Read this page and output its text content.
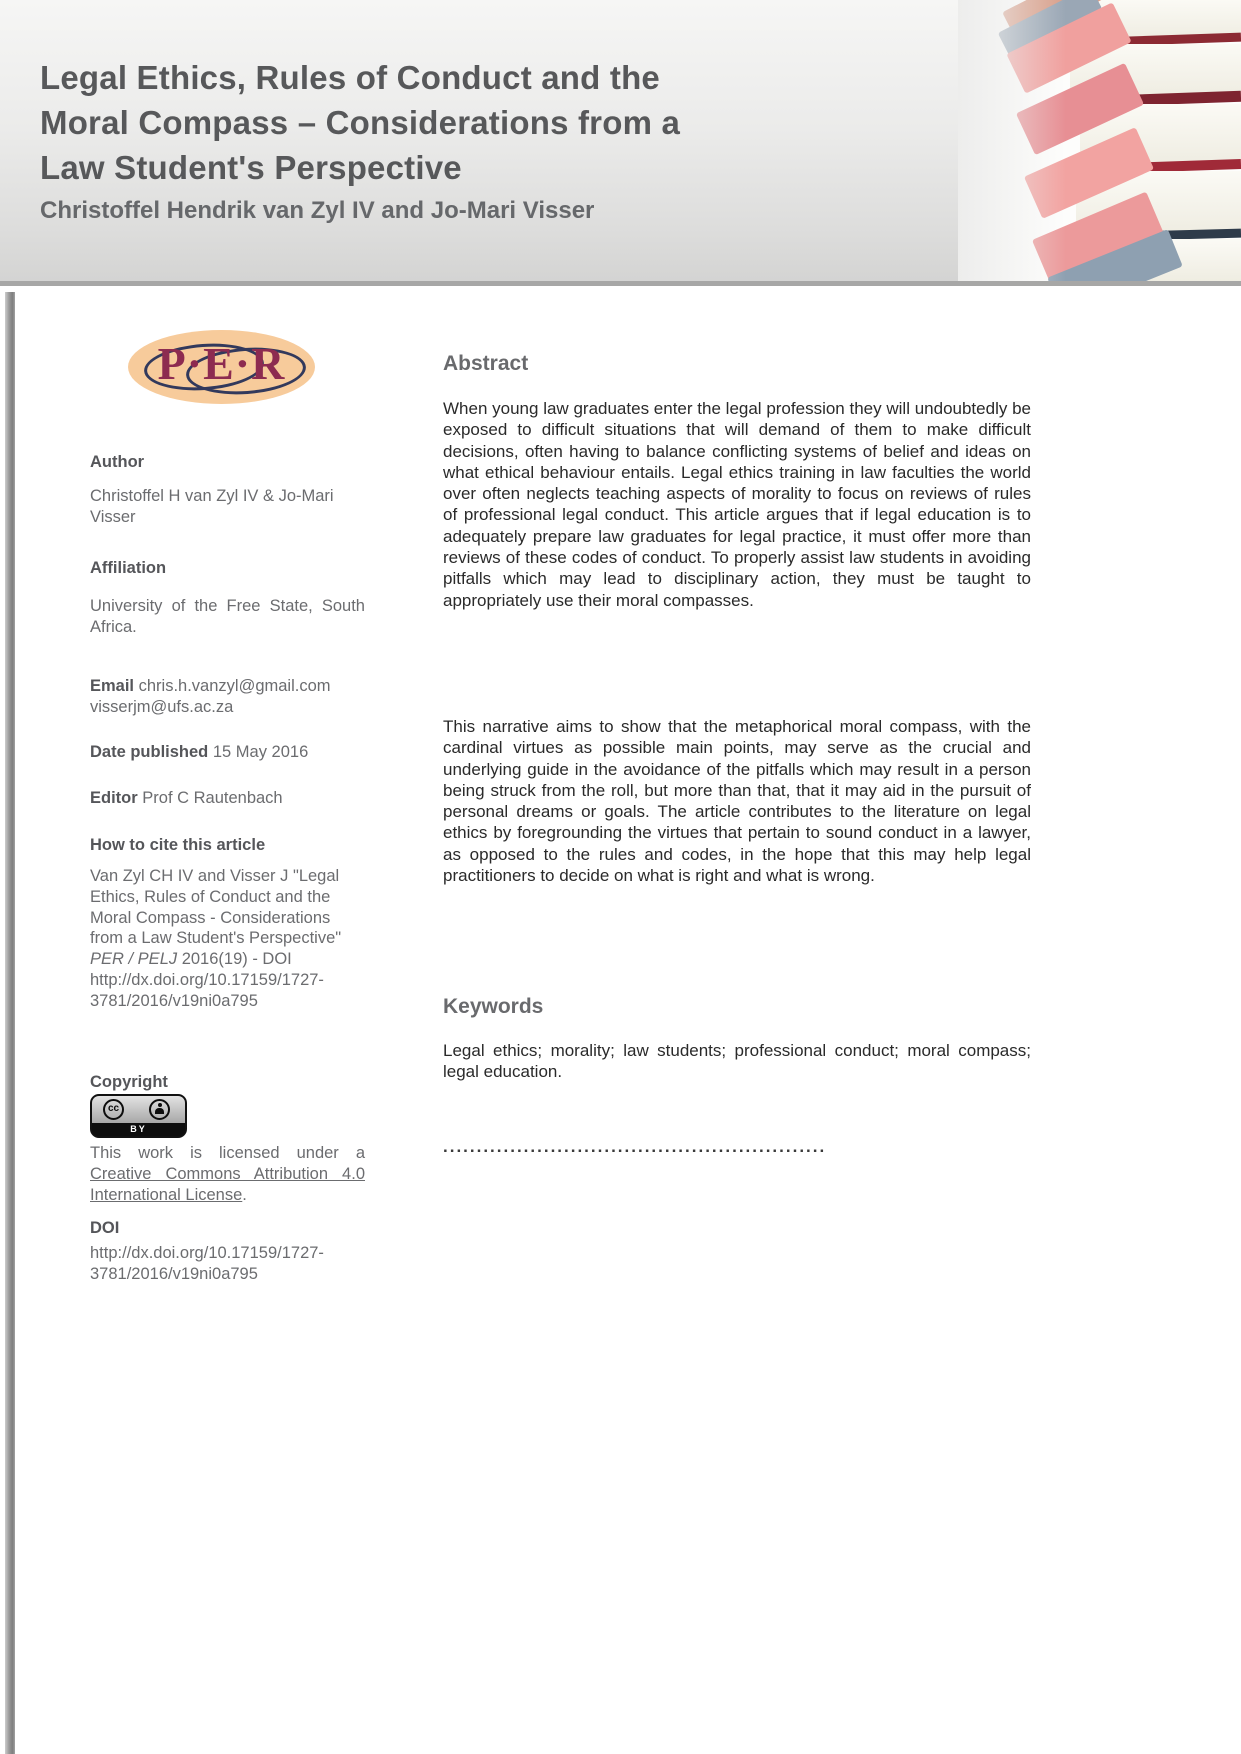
Legal Ethics, Rules of Conduct and the Moral Compass – Considerations from a Law Student's Perspective
Christoffel Hendrik van Zyl IV and Jo-Mari Visser
P·E·R
Author
Christoffel H van Zyl IV & Jo-Mari Visser
Affiliation
University of the Free State, South Africa.
Email chris.h.vanzyl@gmail.com visserjm@ufs.ac.za
Date published 15 May 2016
Editor Prof C Rautenbach
How to cite this article
Van Zyl CH IV and Visser J "Legal Ethics, Rules of Conduct and the Moral Compass - Considerations from a Law Student's Perspective" PER / PELJ 2016(19) - DOI http://dx.doi.org/10.17159/1727-3781/2016/v19ni0a795
Copyright
cc
BY
This work is licensed under a Creative Commons Attribution 4.0 International License.
DOI
http://dx.doi.org/10.17159/1727-3781/2016/v19ni0a795
Abstract
When young law graduates enter the legal profession they will undoubtedly be exposed to difficult situations that will demand of them to make difficult decisions, often having to balance conflicting systems of belief and ideas on what ethical behaviour entails. Legal ethics training in law faculties the world over often neglects teaching aspects of morality to focus on reviews of rules of professional legal conduct. This article argues that if legal education is to adequately prepare law graduates for legal practice, it must offer more than reviews of these codes of conduct. To properly assist law students in avoiding pitfalls which may lead to disciplinary action, they must be taught to appropriately use their moral compasses.
This narrative aims to show that the metaphorical moral compass, with the cardinal virtues as possible main points, may serve as the crucial and underlying guide in the avoidance of the pitfalls which may result in a person being struck from the roll, but more than that, that it may aid in the pursuit of personal dreams or goals. The article contributes to the literature on legal ethics by foregrounding the virtues that pertain to sound conduct in a lawyer, as opposed to the rules and codes, in the hope that this may help legal practitioners to decide on what is right and what is wrong.
Keywords
Legal ethics; morality; law students; professional conduct; moral compass; legal education.
.........................................................
